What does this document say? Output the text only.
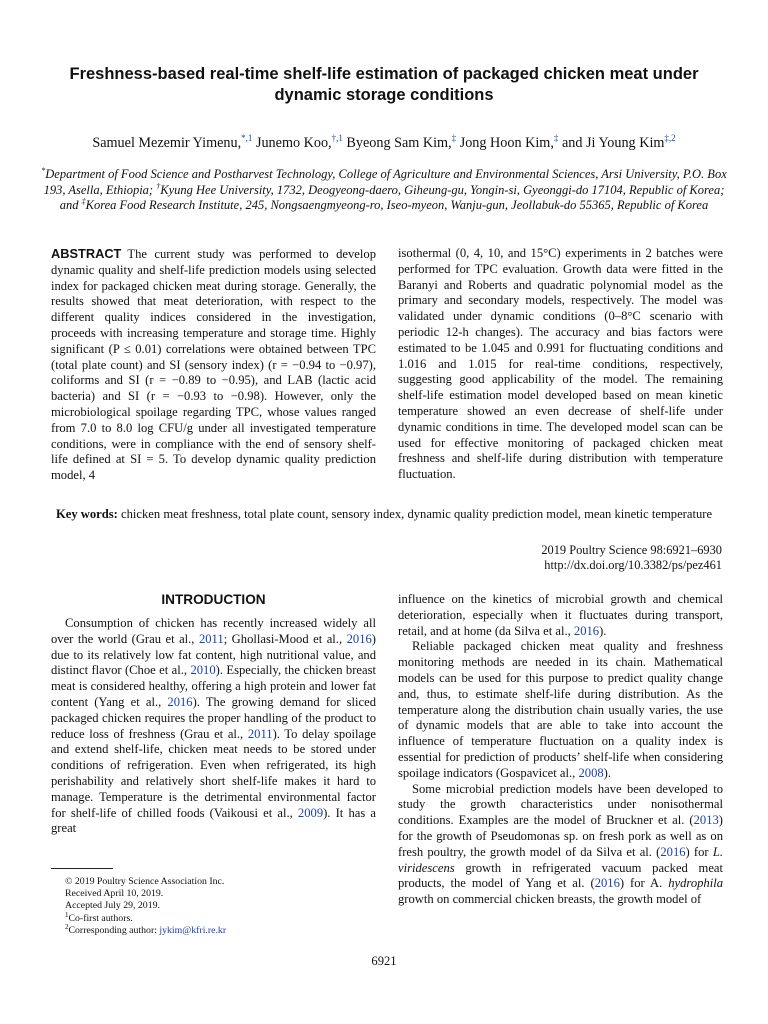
Freshness-based real-time shelf-life estimation of packaged chicken meat under dynamic storage conditions
Samuel Mezemir Yimenu,$^{*,1}$ Junemo Koo,$^{\dagger,1}$ Byeong Sam Kim,‡ Jong Hoon Kim,‡ and Ji Young Kim$^{\ddagger,2}$
*Department of Food Science and Postharvest Technology, College of Agriculture and Environmental Sciences, Arsi University, P.O. Box 193, Asella, Ethiopia; †Kyung Hee University, 1732, Deogyeong-daero, Giheung-gu, Yongin-si, Gyeonggi-do 17104, Republic of Korea; and ‡Korea Food Research Institute, 245, Nongsaengmyeong-ro, Iseo-myeon, Wanju-gun, Jeollabuk-do 55365, Republic of Korea
ABSTRACT The current study was performed to develop dynamic quality and shelf-life prediction models using selected index for packaged chicken meat during storage. Generally, the results showed that meat deterioration, with respect to the different quality indices considered in the investigation, proceeds with increasing temperature and storage time. Highly significant (P ≤ 0.01) correlations were obtained between TPC (total plate count) and SI (sensory index) (r = −0.94 to −0.97), coliforms and SI (r = −0.89 to −0.95), and LAB (lactic acid bacteria) and SI (r = −0.93 to −0.98). However, only the microbiological spoilage regarding TPC, whose values ranged from 7.0 to 8.0 log CFU/g under all investigated temperature conditions, were in compliance with the end of sensory shelf-life defined at SI = 5. To develop dynamic quality prediction model, 4
isothermal (0, 4, 10, and 15°C) experiments in 2 batches were performed for TPC evaluation. Growth data were fitted in the Baranyi and Roberts and quadratic polynomial model as the primary and secondary models, respectively. The model was validated under dynamic conditions (0–8°C scenario with periodic 12-h changes). The accuracy and bias factors were estimated to be 1.045 and 0.991 for fluctuating conditions and 1.016 and 1.015 for real-time conditions, respectively, suggesting good applicability of the model. The remaining shelf-life estimation model developed based on mean kinetic temperature showed an even decrease of shelf-life under dynamic conditions in time. The developed model scan can be used for effective monitoring of packaged chicken meat freshness and shelf-life during distribution with temperature fluctuation.
Key words: chicken meat freshness, total plate count, sensory index, dynamic quality prediction model, mean kinetic temperature
2019 Poultry Science 98:6921–6930
http://dx.doi.org/10.3382/ps/pez461
INTRODUCTION

Consumption of chicken has recently increased widely all over the world (Grau et al., 2011; Ghollasi-Mood et al., 2016) due to its relatively low fat content, high nutritional value, and distinct flavor (Choe et al., 2010). Especially, the chicken breast meat is considered healthy, offering a high protein and lower fat content (Yang et al., 2016). The growing demand for sliced packaged chicken requires the proper handling of the product to reduce loss of freshness (Grau et al., 2011). To delay spoilage and extend shelf-life, chicken meat needs to be stored under conditions of refrigeration. Even when refrigerated, its high perishability and relatively short shelf-life makes it hard to manage. Temperature is the detrimental environmental factor for shelf-life of chilled foods (Vaikousi et al., 2009). It has a great

influence on the kinetics of microbial growth and chemical deterioration, especially when it fluctuates during transport, retail, and at home (da Silva et al., 2016).

Reliable packaged chicken meat quality and freshness monitoring methods are needed in its chain. Mathematical models can be used for this purpose to predict quality change and, thus, to estimate shelf-life during distribution. As the temperature along the distribution chain usually varies, the use of dynamic models that are able to take into account the influence of temperature fluctuation on a quality index is essential for prediction of products’ shelf-life when considering spoilage indicators (Gospavicet al., 2008).

Some microbial prediction models have been developed to study the growth characteristics under nonisothermal conditions. Examples are the model of Bruckner et al. (2013) for the growth of Pseudomonas sp. on fresh pork as well as on fresh poultry, the growth model of da Silva et al. (2016) for L. viridescens growth in refrigerated vacuum packed meat products, the model of Yang et al. (2016) for A. hydrophila growth on commercial chicken breasts, the growth model of

© 2019 Poultry Science Association Inc.
Received April 10, 2019.
Accepted July 29, 2019.
$^1$Co-first authors.
$^2$Corresponding author: jykim@kfri.re.kr
6921
